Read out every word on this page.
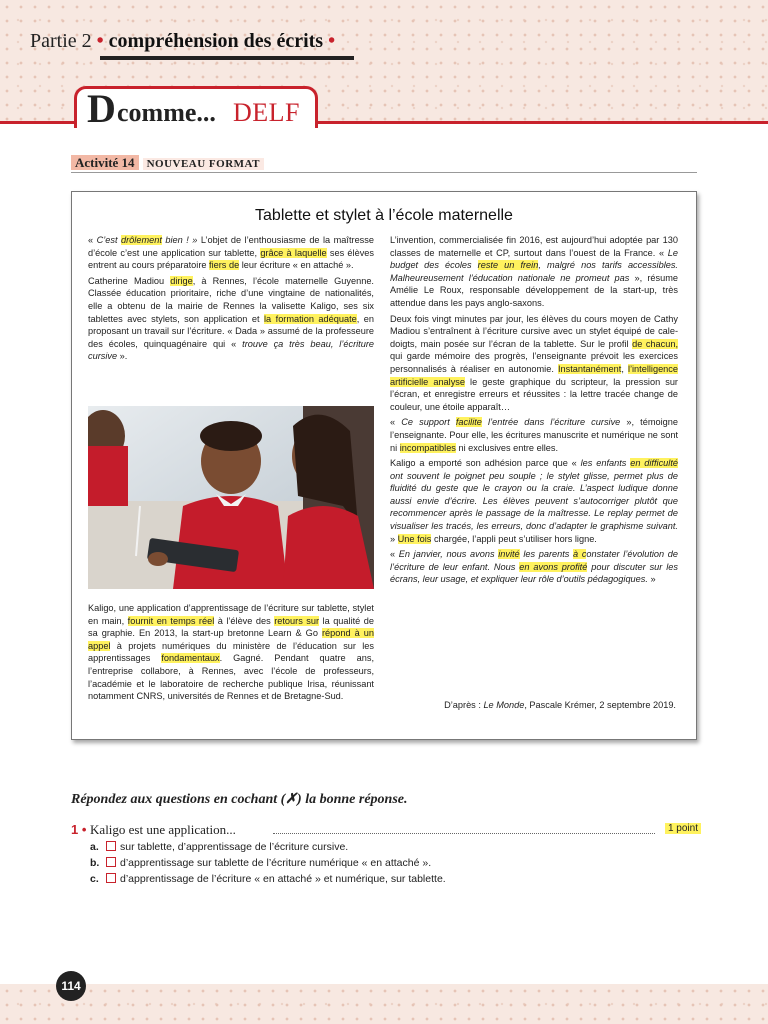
Partie 2 • compréhension des écrits •
D comme... DELF
Activité 14 NOUVEAU FORMAT
Tablette et stylet à l’école maternelle

« C’est drôlement bien ! » L’objet de l’enthousiasme de la maîtresse d’école c’est une application sur tablette, grâce à laquelle ses élèves entrent au cours préparatoire fiers de leur écriture « en attaché ».

Catherine Madiou dirige, à Rennes, l’école maternelle Guyenne. Classée éducation prioritaire, riche d’une vingtaine de nationalités, elle a obtenu de la mairie de Rennes la valisette Kaligo, ses six tablettes avec stylets, son application et la formation adéquate, en proposant un travail sur l’écriture. « Dada » assumé de la professeure des écoles, quinquagénaire qui « trouve ça très beau, l’écriture cursive ».

Kaligo, une application d’apprentissage de l’écriture sur tablette, stylet en main, fournit en temps réel à l’élève des retours sur la qualité de sa graphie. En 2013, la start-up bretonne Learn & Go répond à un appel à projets numériques du ministère de l’éducation sur les apprentissages fondamentaux. Gagné. Pendant quatre ans, l’entreprise collabore, à Rennes, avec l’école de professeurs, l’académie et le laboratoire de recherche publique Irisa, réunissant notamment CNRS, universités de Rennes et de Bretagne-Sud.

L’invention, commercialisée fin 2016, est aujourd’hui adoptée par 130 classes de maternelle et CP, surtout dans l’ouest de la France. « Le budget des écoles reste un frein, malgré nos tarifs accessibles. Malheureusement l’éducation nationale ne promeut pas », résume Amélie Le Roux, responsable développement de la start-up, très attendue dans les pays anglo-saxons.

Deux fois vingt minutes par jour, les élèves du cours moyen de Cathy Madiou s’entraînent à l’écriture cursive avec un stylet équipé de cale-doigts, main posée sur l’écran de la tablette. Sur le profil de chacun, qui garde mémoire des progrès, l’enseignante prévoit les exercices personnalisés à réaliser en autonomie. Instantanément, l’intelligence artificielle analyse le geste graphique du scripteur, la pression sur l’écran, et enregistre erreurs et réussites : la lettre tracée change de couleur, une étoile apparaît…

« Ce support facilite l’entrée dans l’écriture cursive », témoigne l’enseignante. Pour elle, les écritures manuscrite et numérique ne sont ni incompatibles ni exclusives entre elles.

Kaligo a emporté son adhésion parce que « les enfants en difficulté ont souvent le poignet peu souple ; le stylet glisse, permet plus de fluidité du geste que le crayon ou la craie. L’aspect ludique donne aussi envie d’écrire. Les élèves peuvent s’autocorriger plutôt que recommencer après le passage de la maîtresse. Le replay permet de visualiser les tracés, les erreurs, donc d’adapter le graphisme suivant. » Une fois chargée, l’appli peut s’utiliser hors ligne.

« En janvier, nous avons invité les parents à constater l’évolution de l’écriture de leur enfant. Nous en avons profité pour discuter sur les écrans, leur usage, et expliquer leur rôle d’outils pédagogiques. »

D’après : Le Monde, Pascale Krémer, 2 septembre 2019.
Répondez aux questions en cochant (✗) la bonne réponse.
1 • Kaligo est une application...	1 point
a. sur tablette, d’apprentissage de l’écriture cursive.
b. d’apprentissage sur tablette de l’écriture numérique « en attaché ».
c. d’apprentissage de l’écriture « en attaché » et numérique, sur tablette.
114
